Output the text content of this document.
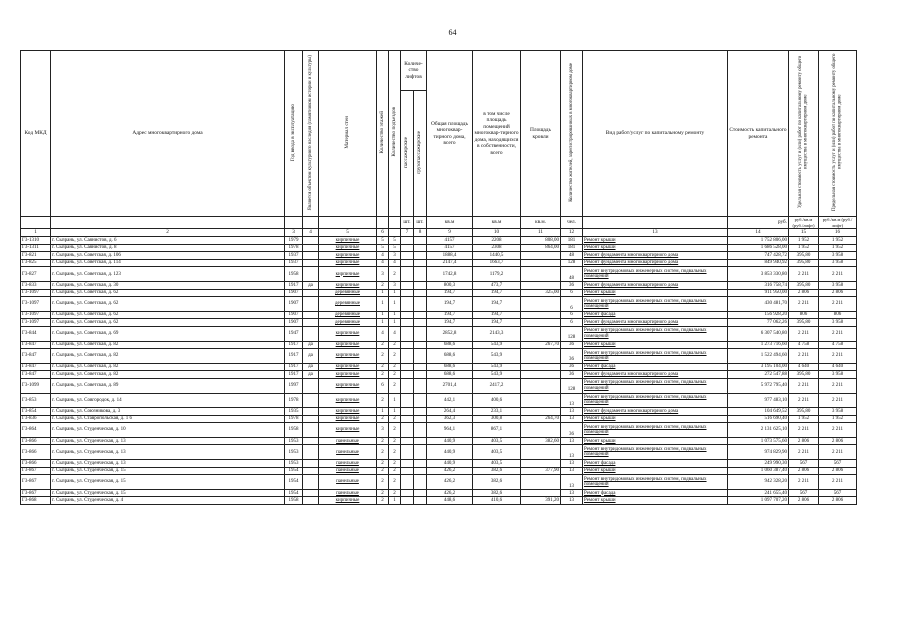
64
Код МКД	Адрес многоквартирного дома	Год ввода в эксплуатацию	Является объектом культурного наследия (памятником истории и культуры)	Материал стен	Количество этажей	Количество подъездов	Количе-ство лифтов		Общая площадь многоквар-тирного дома, всего	в том числе площадь помещений многоквар-тирного дома, находящихся в собственности, всего	Площадь кровли	Количество жителей, зарегистрированных в многоквартирном доме	Вид работ/услуг по капитальному ремонту	Стоимость капитального ремонта	Удельная стоимость услуг и (или) работ по капитальному ремонту общего имущества в многоквартирном доме	Предельная стоимость услуг и (или) работ по капитальному ремонту общего имущества в многоквартирном доме
							пассажирские	грузопассажирские								
							шт.	шт.	кв.м	кв.м	кв.м.	чел.		руб.	руб./кв.м (руб./лифт)	руб./кв.м (руб./лифт)
1	2	3	4	5	6		7	8	9	10	11	12	13	14	15	16
Г3-1310	г. Сызрань, ул. Саянистов, д. 6	1979		кирпичные	5	5			4157	2208	808,00	181	Ремонт крыши	1 752 806,00	1 952	1 952
Г3-1311	г. Сызрань, ул. Саянистов, д. 8	1978		кирпичные	5	5			4157	2308	864,00	181	Ремонт крыши	1 686 528,00	1 952	1 952
Г3-821	г. Сызрань, ул. Советская, д. 106	1937		кирпичные	4	3			1888,4	1440,5		48	Ремонт фундамента многоквартирного дома	747 428,72	395,80	3 958
Г3-825	г. Сызрань, ул. Советская, д. 114	1937		кирпичные	4	4			2147,4	1663,7		128	Ремонт фундамента многоквартирного дома	849 940,92	395,80	3 958
Г3-827	г. Сызрань, ул. Советская, д. 123	1958		кирпичные	3	2			1742,8	1179,2		48	Ремонт внутридомовых инженерных систем, подвальных помещений	3 853 330,80	2 211	2 211
Г3-833	г. Сызрань, ул. Советская, д. 30	1917	да	кирпичные	2	3			800,3	473,7		36	Ремонт фундамента многоквартирного дома	316 758,74	395,80	3 958
Г3-1097	г. Сызрань, ул. Советская, д. 62	1907		деревянные	1	1			194,7	194,7	325,00	6	Ремонт крыши	911 950,00	2 806	2 806
Г3-1097	г. Сызрань, ул. Советская, д. 62	1907		деревянные	1	1			194,7	194,7		6	Ремонт внутридомовых инженерных систем, подвальных помещений	430 481,70	2 211	2 211
Г3-1097	г. Сызрань, ул. Советская, д. 62	1907		деревянные	1	1			194,7	194,7		6	Ремонт фасада	156 928,20	806	806
Г3-1097	г. Сызрань, ул. Советская, д. 62	1907		деревянные	1	1			194,7	194,7		6	Ремонт фундамента многоквартирного дома	77 062,26	395,80	3 958
Г3-844	г. Сызрань, ул. Советская, д. 69	1947		кирпичные	4	4			2852,8	2143,3		128	Ремонт внутридомовых инженерных систем, подвальных помещений	6 307 540,80	2 211	2 211
Г3-847	г. Сызрань, ул. Советская, д. 82	1917	да	кирпичные	2	2			688,6	543,9	267,70	36	Ремонт крыши	1 273 716,60	4 758	4 758
Г3-847	г. Сызрань, ул. Советская, д. 82	1917	да	кирпичные	2	2			688,6	543,9		36	Ремонт внутридомовых инженерных систем, подвальных помещений	1 522 494,60	2 211	2 211
Г3-847	г. Сызрань, ул. Советская, д. 82	1917	да	кирпичные	2	2			688,6	543,9		36	Ремонт фасада	3 195 104,00	4 640	4 640
Г3-847	г. Сызрань, ул. Советская, д. 82	1917	да	кирпичные	2	2			688,6	543,9		36	Ремонт фундамента многоквартирного дома	272 547,88	395,80	3 958
Г3-1099	г. Сызрань, ул. Советская, д. 89	1997		кирпичные	6	2			2701,4	2417,2		128	Ремонт внутридомовых инженерных систем, подвальных помещений	5 972 795,40	2 211	2 211
Г3-853	г. Сызрань, ул. Совгородок, д. 14	1978		кирпичные	2	1			442,1	400,6		13	Ремонт внутридомовых инженерных систем, подвальных помещений	977 483,10	2 211	2 211
Г3-854	г. Сызрань, ул. Союзникова, д. 3	1935		кирпичные	1	1			264,4	233,1		13	Ремонт фундамента многоквартирного дома	104 649,52	395,80	3 958
Г3-836	г. Сызрань, ул. Ставропольская, д. 1 б	1978		кирпичные	2	2			362,3	300,8	264,70	13	Ремонт крыши	516 690,40	1 952	1 952
Г3-864	г. Сызрань, ул. Студенческая, д. 10	1958		кирпичные	3	2			964,1	867,1		36	Ремонт внутридомовых инженерных систем, подвальных помещений	2 131 625,10	2 211	2 211
Г3-866	г. Сызрань, ул. Студенческая, д. 13	1953		панельные	2	2			440,9	403,5	382,60	13	Ремонт крыши	1 073 575,60	2 806	2 806
Г3-866	г. Сызрань, ул. Студенческая, д. 13	1953		панельные	2	2			440,9	403,5		13	Ремонт внутридомовых инженерных систем, подвальных помещений	974 829,90	2 211	2 211
Г3-866	г. Сызрань, ул. Студенческая, д. 13	1953		панельные	2	2			440,9	403,5		13	Ремонт фасада	249 990,30	567	567
Г3-867	г. Сызрань, ул. Студенческая, д. 15	1954		панельные	2	2			426,2	382,6	377,90	13	Ремонт крыши	1 060 387,40	2 806	2 806
Г3-867	г. Сызрань, ул. Студенческая, д. 15	1954		панельные	2	2			426,2	382,6		13	Ремонт внутридомовых инженерных систем, подвальных помещений	942 328,20	2 211	2 211
Г3-867	г. Сызрань, ул. Студенческая, д. 15	1954		панельные	2	2			426,2	382,6		13	Ремонт фасада	241 655,40	567	567
Г3-868	г. Сызрань, ул. Студенческая, д. 4	1958		кирпичные	2	1			448,6	410,6	391,20	13	Ремонт крыши	1 097 707,20	2 806	2 806
